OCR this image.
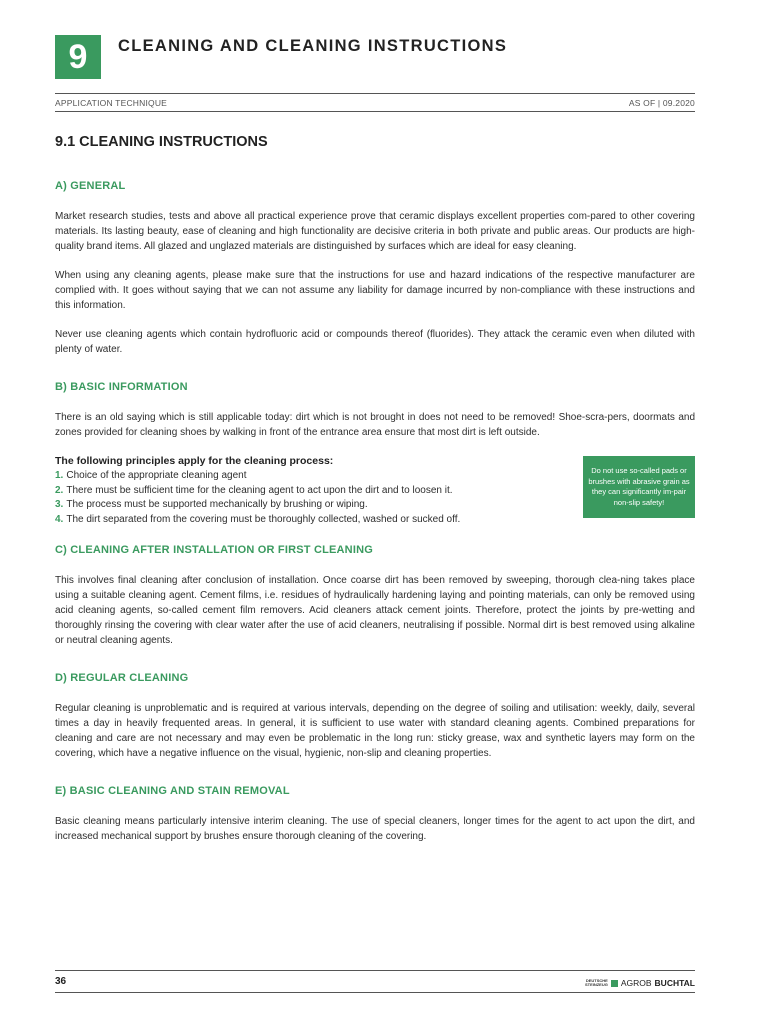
9 CLEANING AND CLEANING INSTRUCTIONS
APPLICATION TECHNIQUE	AS OF | 09.2020
9.1 CLEANING INSTRUCTIONS
A) GENERAL

Market research studies, tests and above all practical experience prove that ceramic displays excellent properties com-pared to other covering materials. Its lasting beauty, ease of cleaning and high functionality are decisive criteria in both private and public areas. Our products are high-quality brand items. All glazed and unglazed materials are distinguished by surfaces which are ideal for easy cleaning.

When using any cleaning agents, please make sure that the instructions for use and hazard indications of the respective manufacturer are complied with. It goes without saying that we can not assume any liability for damage incurred by non-compliance with these instructions and this information.

Never use cleaning agents which contain hydrofluoric acid or compounds thereof (fluorides). They attack the ceramic even when diluted with plenty of water.

B) BASIC INFORMATION

There is an old saying which is still applicable today: dirt which is not brought in does not need to be removed! Shoe-scra-pers, doormats and zones provided for cleaning shoes by walking in front of the entrance area ensure that most dirt is left outside.

The following principles apply for the cleaning process:
1. Choice of the appropriate cleaning agent
2. There must be sufficient time for the cleaning agent to act upon the dirt and to loosen it.
3. The process must be supported mechanically by brushing or wiping.
4. The dirt separated from the covering must be thoroughly collected, washed or sucked off.
Do not use so-called pads or brushes with abrasive grain as they can significantly im-pair non-slip safety!
C) CLEANING AFTER INSTALLATION OR FIRST CLEANING

This involves final cleaning after conclusion of installation. Once coarse dirt has been removed by sweeping, thorough clea-ning takes place using a suitable cleaning agent. Cement films, i.e. residues of hydraulically hardening laying and pointing materials, can only be removed using acid cleaning agents, so-called cement film removers. Acid cleaners attack cement joints. Therefore, protect the joints by pre-wetting and thoroughly rinsing the covering with clear water after the use of acid cleaners, neutralising if possible. Normal dirt is best removed using alkaline or neutral cleaning agents.

D) REGULAR CLEANING

Regular cleaning is unproblematic and is required at various intervals, depending on the degree of soiling and utilisation: weekly, daily, several times a day in heavily frequented areas. In general, it is sufficient to use water with standard cleaning agents. Combined preparations for cleaning and care are not necessary and may even be problematic in the long run: sticky grease, wax and synthetic layers may form on the covering, which have a negative influence on the visual, hygienic, non-slip and cleaning properties.

E) BASIC CLEANING AND STAIN REMOVAL

Basic cleaning means particularly intensive interim cleaning. The use of special cleaners, longer times for the agent to act upon the dirt, and increased mechanical support by brushes ensure thorough cleaning of the covering.

36	DEUTSCHE
STEINZEUG AGROB BUCHTAL
